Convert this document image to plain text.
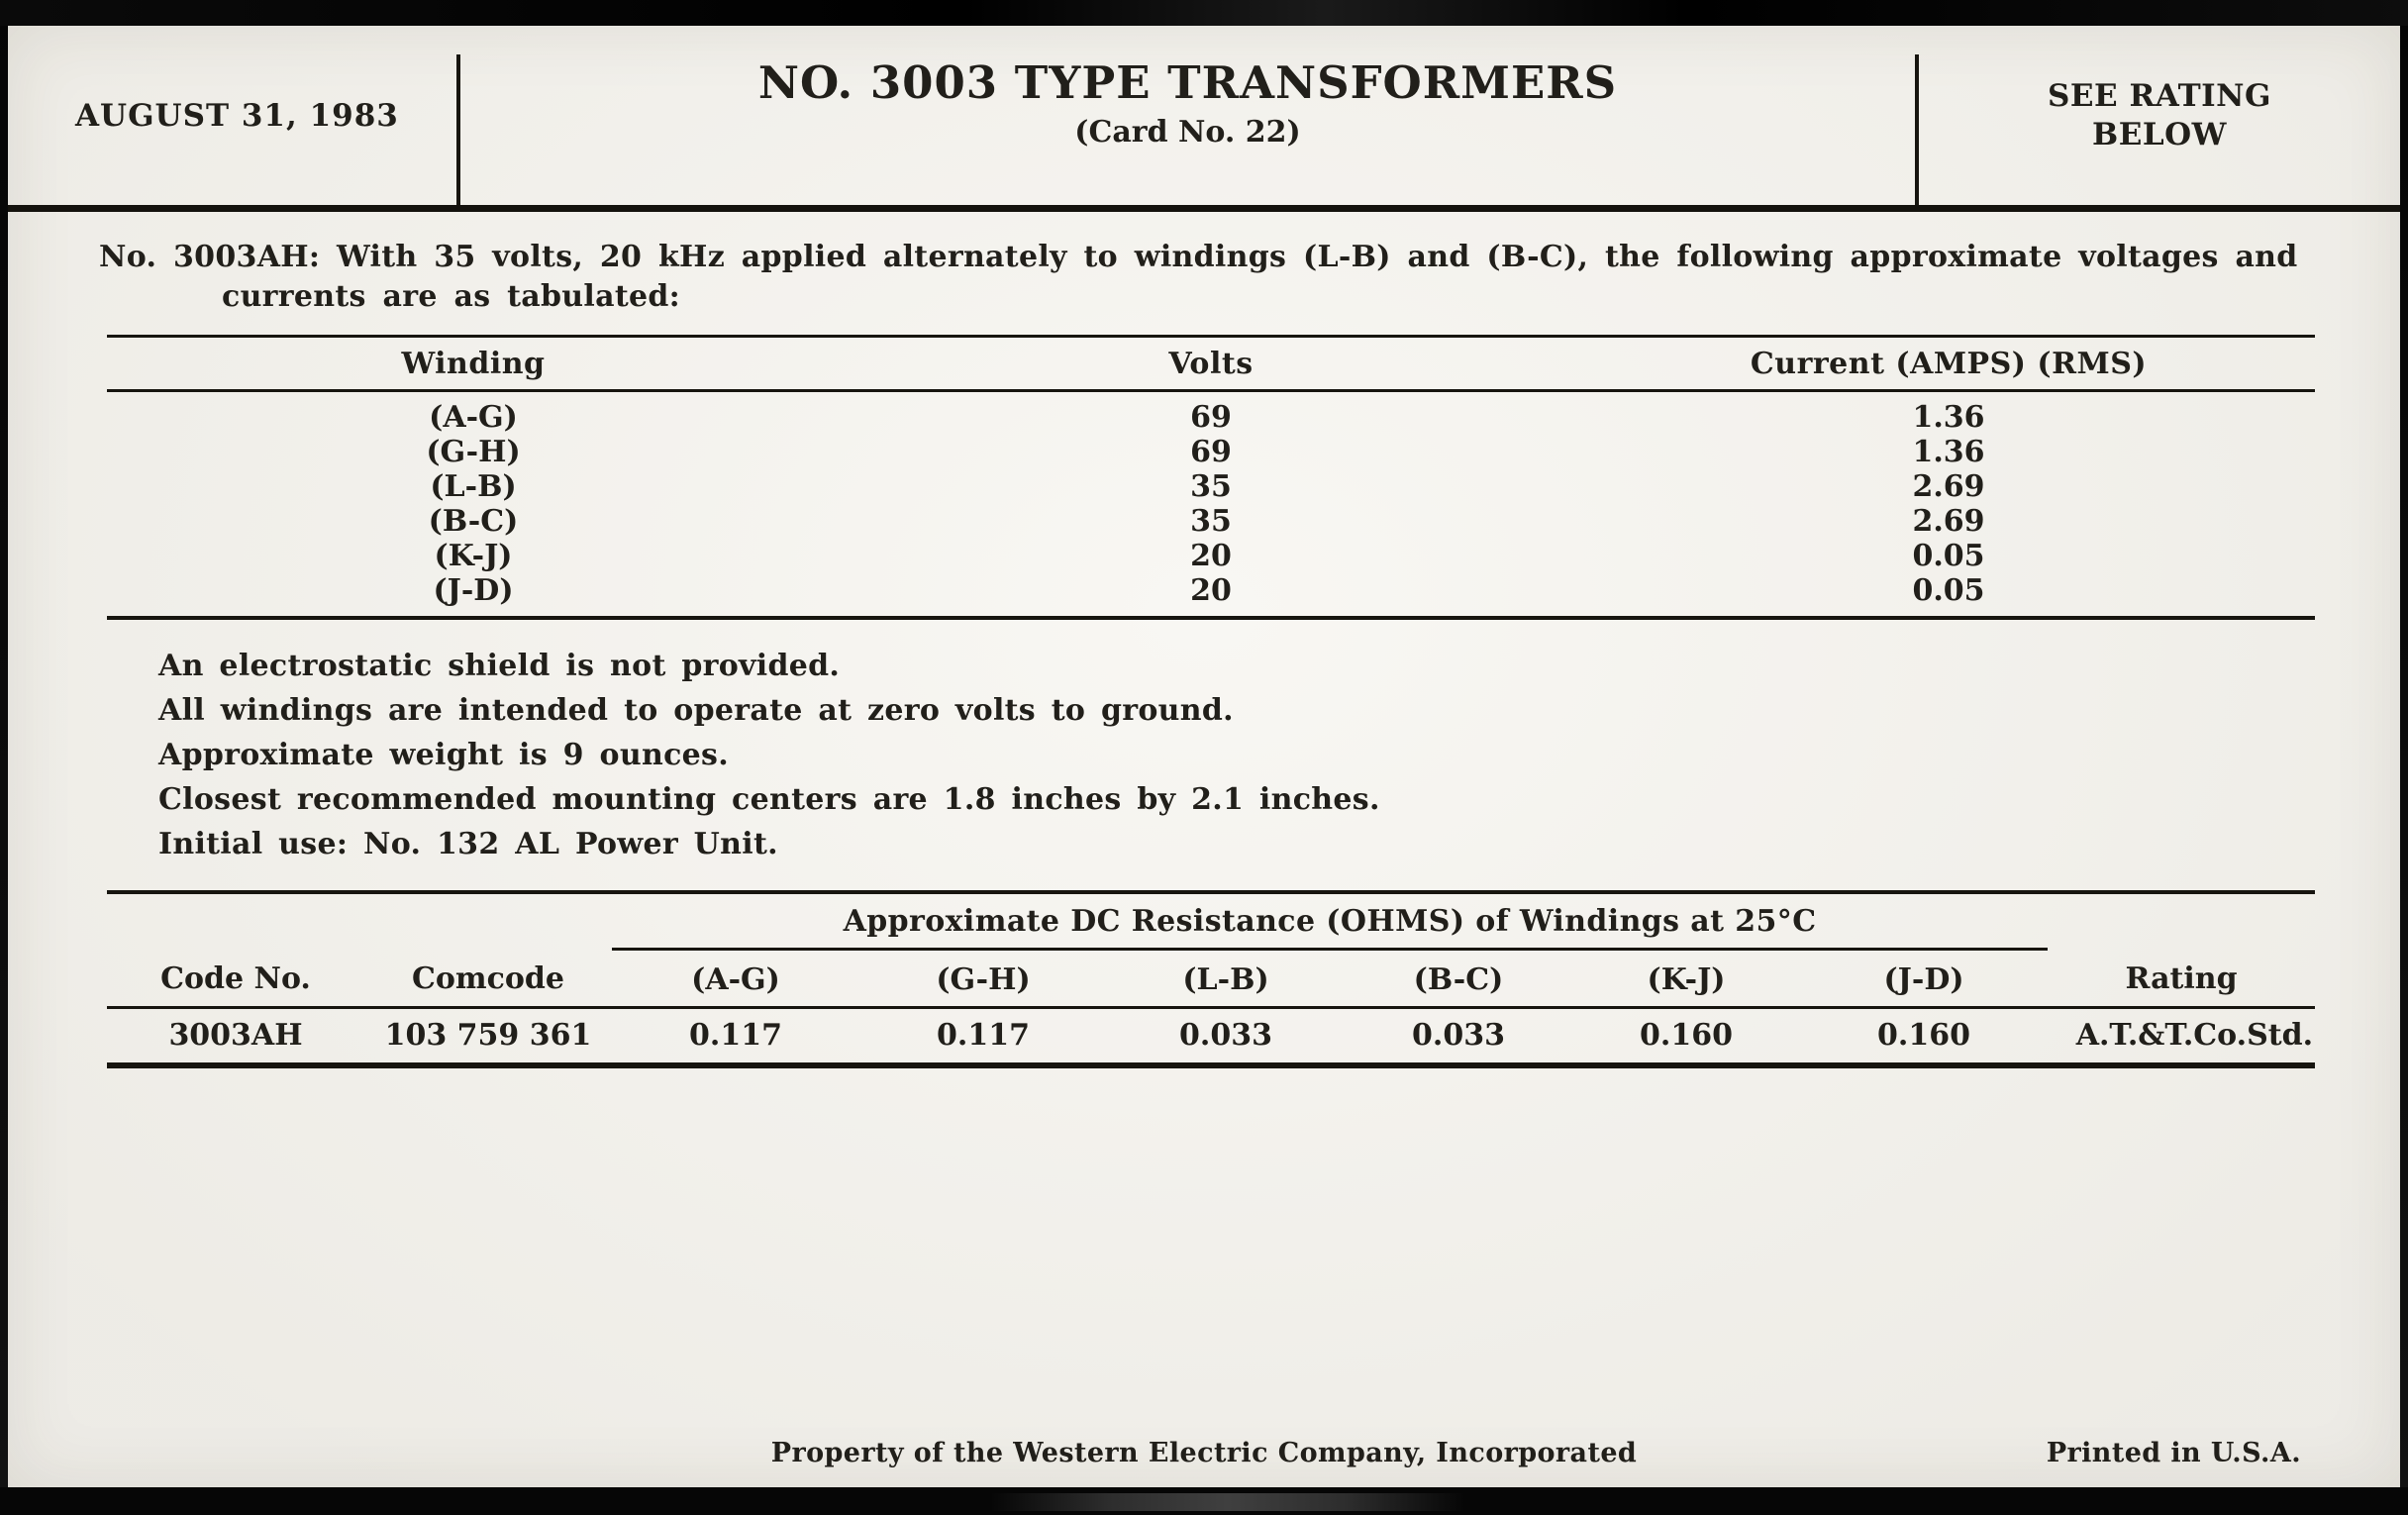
AUGUST 31, 1983
NO. 3003 TYPE TRANSFORMERS
(Card No. 22)
SEE RATING
BELOW
No. 3003AH: With 35 volts, 20 kHz applied alternately to windings (L-B) and (B-C), the following approximate voltages and
currents are as tabulated:
Winding	Volts	Current (AMPS) (RMS)
(A-G)	69	1.36
(G-H)	69	1.36
(L-B)	35	2.69
(B-C)	35	2.69
(K-J)	20	0.05
(J-D)	20	0.05
An electrostatic shield is not provided.
All windings are intended to operate at zero volts to ground.
Approximate weight is 9 ounces.
Closest recommended mounting centers are 1.8 inches by 2.1 inches.
Initial use: No. 132 AL Power Unit.
		Approximate DC Resistance (OHMS) of Windings at 25°C						
Code No.	Comcode	(A-G)	(G-H)	(L-B)	(B-C)	(K-J)	(J-D)	Rating
3003AH	103 759 361	0.117	0.117	0.033	0.033	0.160	0.160	A.T.&T.Co.Std.
Property of the Western Electric Company, Incorporated	Printed in U.S.A.
